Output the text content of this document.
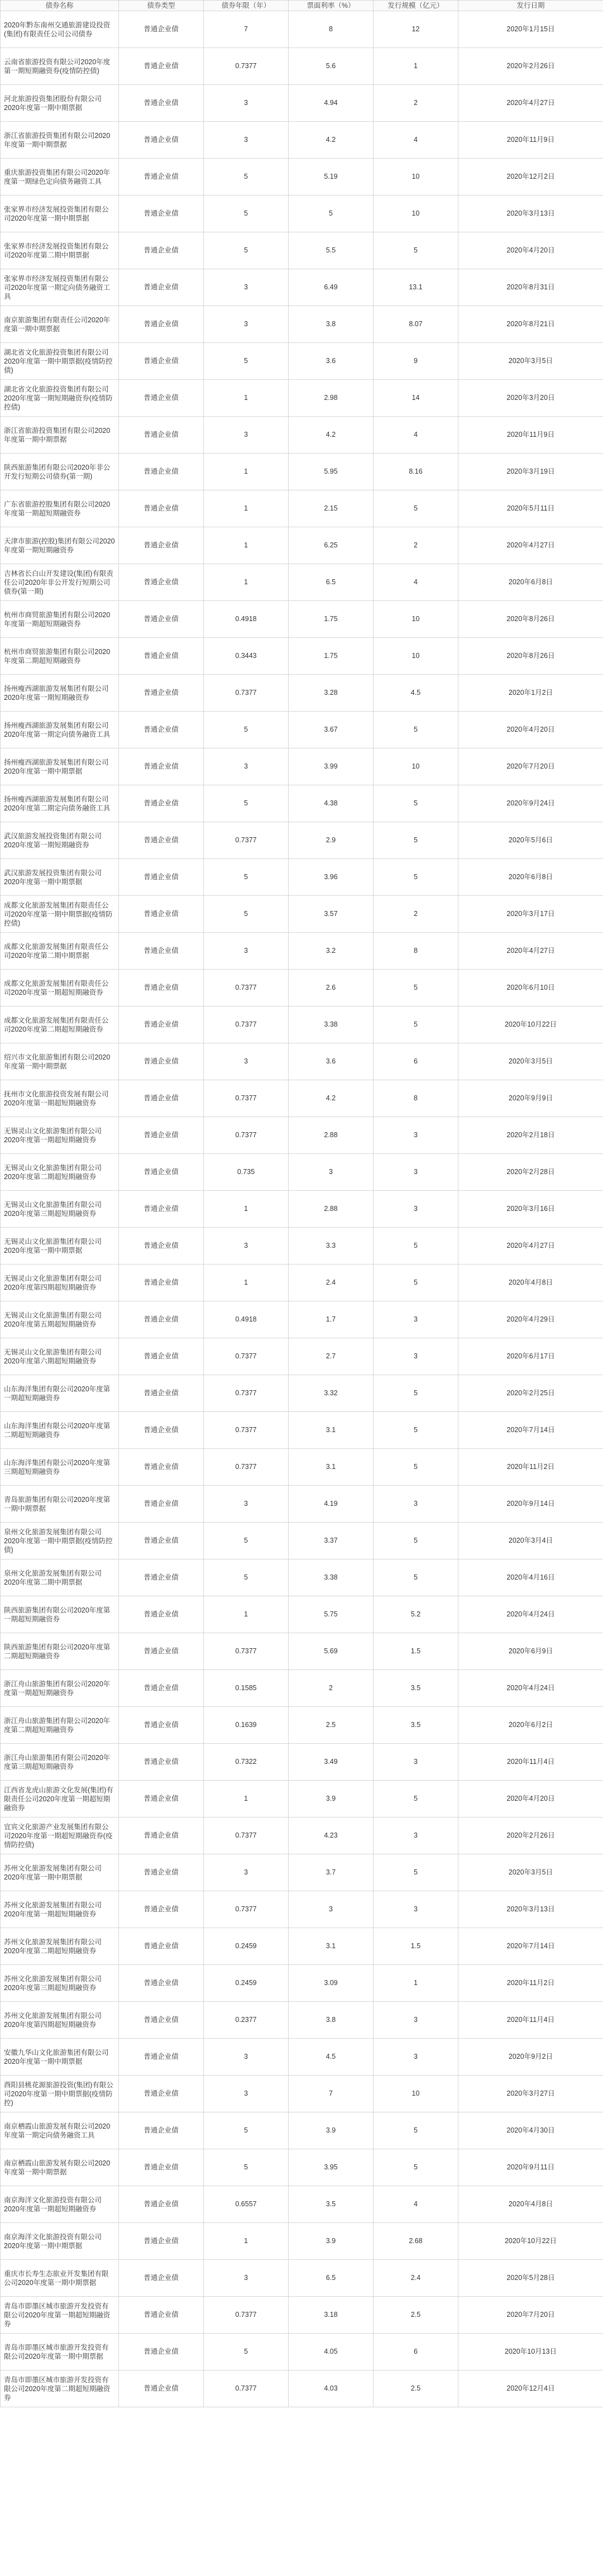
债券名称	债券类型	债券年限（年）	票面利率（%）	发行规模（亿元）	发行日期
2020年黔东南州交通旅游建设投资(集团)有限责任公司公司债券	普通企业债	7	8	12	2020年1月15日
云南省旅游投资有限公司2020年度第一期短期融资券(疫情防控债)	普通企业债	0.7377	5.6	1	2020年2月26日
河北旅游投资集团股份有限公司2020年度第一期中期票据	普通企业债	3	4.94	2	2020年4月27日
浙江省旅游投资集团有限公司2020年度第一期中期票据	普通企业债	3	4.2	4	2020年11月9日
重庆旅游投资集团有限公司2020年度第一期绿色定向债务融资工具	普通企业债	5	5.19	10	2020年12月2日
张家界市经济发展投资集团有限公司2020年度第一期中期票据	普通企业债	5	5	10	2020年3月13日
张家界市经济发展投资集团有限公司2020年度第二期中期票据	普通企业债	5	5.5	5	2020年4月20日
张家界市经济发展投资集团有限公司2020年度第一期定向债务融资工具	普通企业债	3	6.49	13.1	2020年8月31日
南京旅游集团有限责任公司2020年度第一期中期票据	普通企业债	3	3.8	8.07	2020年8月21日
湖北省文化旅游投资集团有限公司2020年度第一期中期票据(疫情防控债)	普通企业债	5	3.6	9	2020年3月5日
湖北省文化旅游投资集团有限公司2020年度第一期短期融资券(疫情防控债)	普通企业债	1	2.98	14	2020年3月20日
浙江省旅游投资集团有限公司2020年度第一期中期票据	普通企业债	3	4.2	4	2020年11月9日
陕西旅游集团有限公司2020年非公开发行短期公司债券(第一期)	普通企业债	1	5.95	8.16	2020年3月19日
广东省旅游控股集团有限公司2020年度第一期超短期融资券	普通企业债	1	2.15	5	2020年5月11日
天津市旅游(控股)集团有限公司2020年度第一期短期融资券	普通企业债	1	6.25	2	2020年4月27日
吉林省长白山开发建设(集团)有限责任公司2020年非公开发行短期公司债券(第一期)	普通企业债	1	6.5	4	2020年6月8日
杭州市商贸旅游集团有限公司2020年度第一期超短期融资券	普通企业债	0.4918	1.75	10	2020年8月26日
杭州市商贸旅游集团有限公司2020年度第二期超短期融资券	普通企业债	0.3443	1.75	10	2020年8月26日
扬州瘦西湖旅游发展集团有限公司2020年度第一期短期融资券	普通企业债	0.7377	3.28	4.5	2020年1月2日
扬州瘦西湖旅游发展集团有限公司2020年度第一期定向债务融资工具	普通企业债	5	3.67	5	2020年4月20日
扬州瘦西湖旅游发展集团有限公司2020年度第一期中期票据	普通企业债	3	3.99	10	2020年7月20日
扬州瘦西湖旅游发展集团有限公司2020年度第二期定向债务融资工具	普通企业债	5	4.38	5	2020年9月24日
武汉旅游发展投资集团有限公司2020年度第一期短期融资券	普通企业债	0.7377	2.9	5	2020年5月6日
武汉旅游发展投资集团有限公司2020年度第一期中期票据	普通企业债	5	3.96	5	2020年6月8日
成都文化旅游发展集团有限责任公司2020年度第一期中期票据(疫情防控债)	普通企业债	5	3.57	2	2020年3月17日
成都文化旅游发展集团有限责任公司2020年度第二期中期票据	普通企业债	3	3.2	8	2020年4月27日
成都文化旅游发展集团有限责任公司2020年度第一期超短期融资券	普通企业债	0.7377	2.6	5	2020年6月10日
成都文化旅游发展集团有限责任公司2020年度第二期超短期融资券	普通企业债	0.7377	3.38	5	2020年10月22日
绍兴市文化旅游集团有限公司2020年度第一期中期票据	普通企业债	3	3.6	6	2020年3月5日
抚州市文化旅游投资发展有限公司2020年度第一期超短期融资券	普通企业债	0.7377	4.2	8	2020年9月9日
无锡灵山文化旅游集团有限公司2020年度第一期超短期融资券	普通企业债	0.7377	2.88	3	2020年2月18日
无锡灵山文化旅游集团有限公司2020年度第二期超短期融资券	普通企业债	0.735	3	3	2020年2月28日
无锡灵山文化旅游集团有限公司2020年度第三期超短期融资券	普通企业债	1	2.88	3	2020年3月16日
无锡灵山文化旅游集团有限公司2020年度第一期中期票据	普通企业债	3	3.3	5	2020年4月27日
无锡灵山文化旅游集团有限公司2020年度第四期超短期融资券	普通企业债	1	2.4	5	2020年4月8日
无锡灵山文化旅游集团有限公司2020年度第五期超短期融资券	普通企业债	0.4918	1.7	3	2020年4月29日
无锡灵山文化旅游集团有限公司2020年度第六期超短期融资券	普通企业债	0.7377	2.7	3	2020年6月17日
山东海洋集团有限公司2020年度第一期超短期融资券	普通企业债	0.7377	3.32	5	2020年2月25日
山东海洋集团有限公司2020年度第二期超短期融资券	普通企业债	0.7377	3.1	5	2020年7月14日
山东海洋集团有限公司2020年度第三期超短期融资券	普通企业债	0.7377	3.1	5	2020年11月2日
青岛旅游集团有限公司2020年度第一期中期票据	普通企业债	3	4.19	3	2020年9月14日
泉州文化旅游发展集团有限公司2020年度第一期中期票据(疫情防控债)	普通企业债	5	3.37	5	2020年3月4日
泉州文化旅游发展集团有限公司2020年度第二期中期票据	普通企业债	5	3.38	5	2020年4月16日
陕西旅游集团有限公司2020年度第一期超短期融资券	普通企业债	1	5.75	5.2	2020年4月24日
陕西旅游集团有限公司2020年度第二期超短期融资券	普通企业债	0.7377	5.69	1.5	2020年6月9日
浙江舟山旅游集团有限公司2020年度第一期超短期融资券	普通企业债	0.1585	2	3.5	2020年4月24日
浙江舟山旅游集团有限公司2020年度第二期超短期融资券	普通企业债	0.1639	2.5	3.5	2020年6月2日
浙江舟山旅游集团有限公司2020年度第三期超短期融资券	普通企业债	0.7322	3.49	3	2020年11月4日
江西省龙虎山旅游文化发展(集团)有限责任公司2020年度第一期超短期融资券	普通企业债	1	3.9	5	2020年4月20日
宜宾文化旅游产业发展集团有限公司2020年度第一期超短期融资券(疫情防控债)	普通企业债	0.7377	4.23	3	2020年2月26日
苏州文化旅游发展集团有限公司2020年度第一期中期票据	普通企业债	3	3.7	5	2020年3月5日
苏州文化旅游发展集团有限公司2020年度第一期超短期融资券	普通企业债	0.7377	3	3	2020年3月13日
苏州文化旅游发展集团有限公司2020年度第二期超短期融资券	普通企业债	0.2459	3.1	1.5	2020年7月14日
苏州文化旅游发展集团有限公司2020年度第三期超短期融资券	普通企业债	0.2459	3.09	1	2020年11月2日
苏州文化旅游发展集团有限公司2020年度第四期超短期融资券	普通企业债	0.2377	3.8	3	2020年11月4日
安徽九华山文化旅游集团有限公司2020年度第一期中期票据	普通企业债	3	4.5	3	2020年9月2日
酉阳县桃花源旅游投资(集团)有限公司2020年度第一期中期票据(疫情防控)	普通企业债	3	7	10	2020年3月27日
南京栖霞山旅游发展有限公司2020年度第一期定向债务融资工具	普通企业债	5	3.9	5	2020年4月30日
南京栖霞山旅游发展有限公司2020年度第一期中期票据	普通企业债	5	3.95	5	2020年9月11日
南京海洋文化旅游投资有限公司2020年度第一期超短期融资券	普通企业债	0.6557	3.5	4	2020年4月8日
南京海洋文化旅游投资有限公司2020年度第一期中期票据	普通企业债	1	3.9	2.68	2020年10月22日
重庆市长寿生态旅业开发集团有限公司2020年度第一期中期票据	普通企业债	3	6.5	2.4	2020年5月28日
青岛市即墨区城市旅游开发投资有限公司2020年度第一期超短期融资券	普通企业债	0.7377	3.18	2.5	2020年7月20日
青岛市即墨区城市旅游开发投资有限公司2020年度第一期中期票据	普通企业债	5	4.05	6	2020年10月13日
青岛市即墨区城市旅游开发投资有限公司2020年度第二期超短期融资券	普通企业债	0.7377	4.03	2.5	2020年12月4日
